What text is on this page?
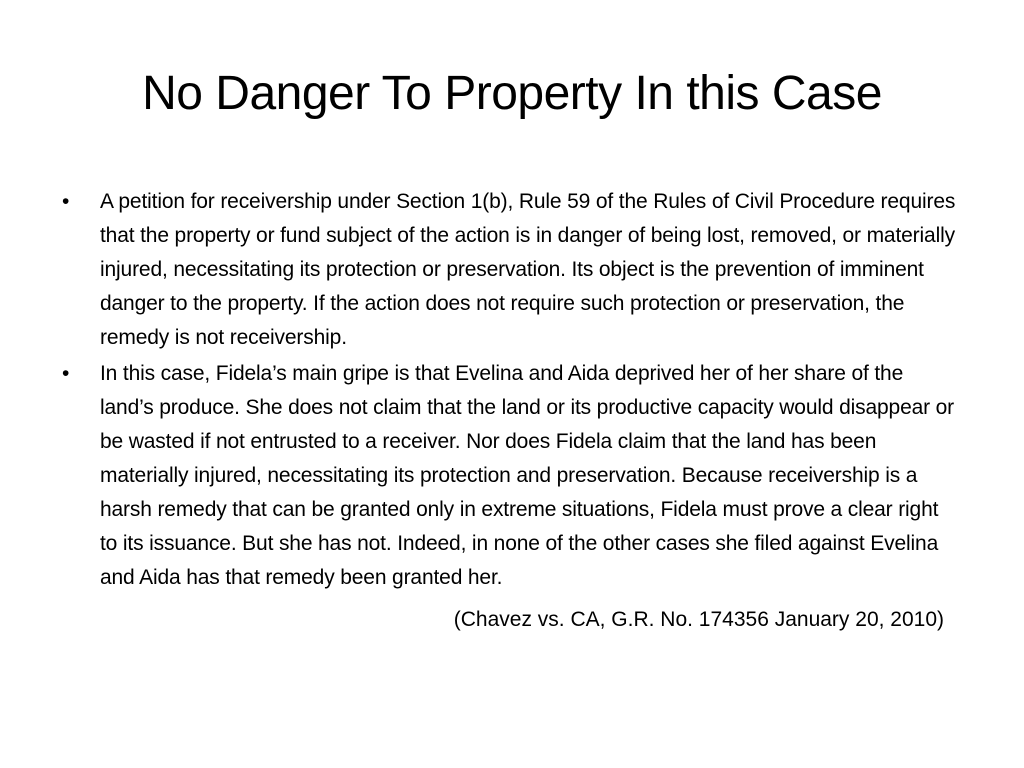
No Danger To Property In this Case
• A petition for receivership under Section 1(b), Rule 59 of the Rules of Civil Procedure requires that the property or fund subject of the action is in danger of being lost, removed, or materially injured, necessitating its protection or preservation. Its object is the prevention of imminent danger to the property. If the action does not require such protection or preservation, the remedy is not receivership.
• In this case, Fidela’s main gripe is that Evelina and Aida deprived her of her share of the land’s produce. She does not claim that the land or its productive capacity would disappear or be wasted if not entrusted to a receiver. Nor does Fidela claim that the land has been materially injured, necessitating its protection and preservation. Because receivership is a harsh remedy that can be granted only in extreme situations, Fidela must prove a clear right to its issuance. But she has not. Indeed, in none of the other cases she filed against Evelina and Aida has that remedy been granted her.
(Chavez vs. CA, G.R. No. 174356 January 20, 2010)
